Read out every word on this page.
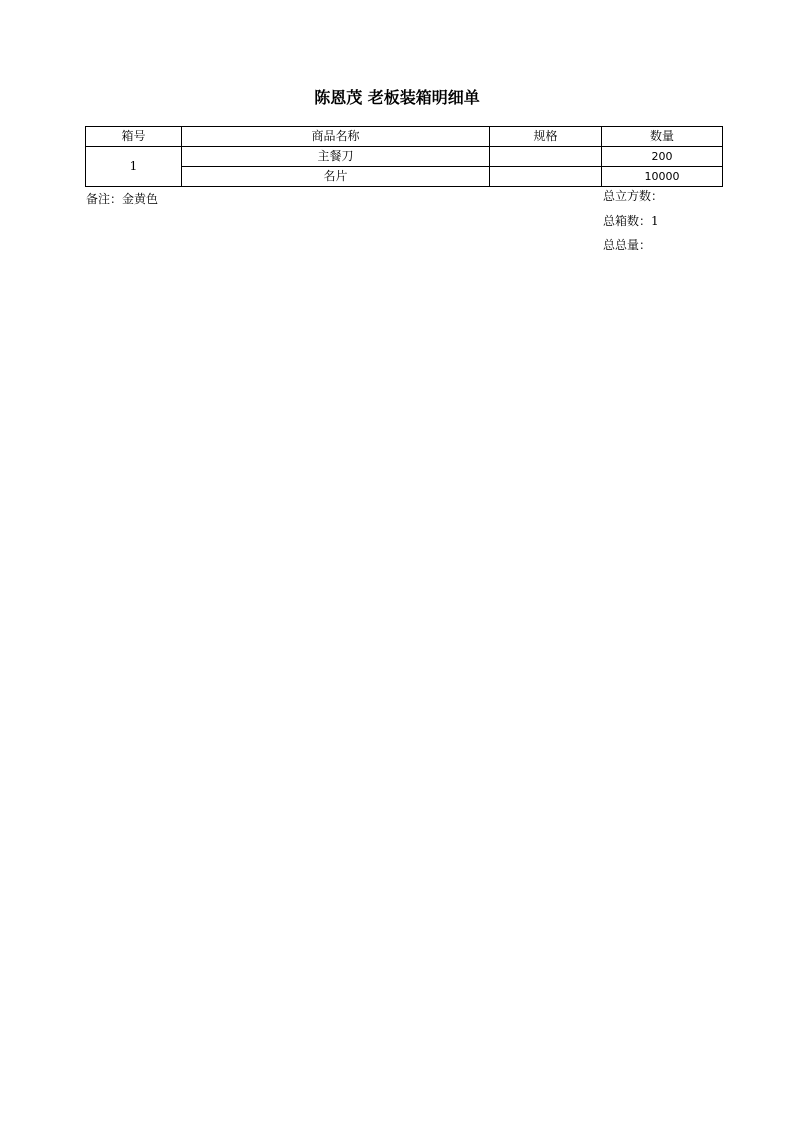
陈恩茂 老板装箱明细单
箱号	商品名称	规格	数量
1	主餐刀		200
	名片		10000
备注：金黄色	总立方数：
总箱数：1
总总量：
